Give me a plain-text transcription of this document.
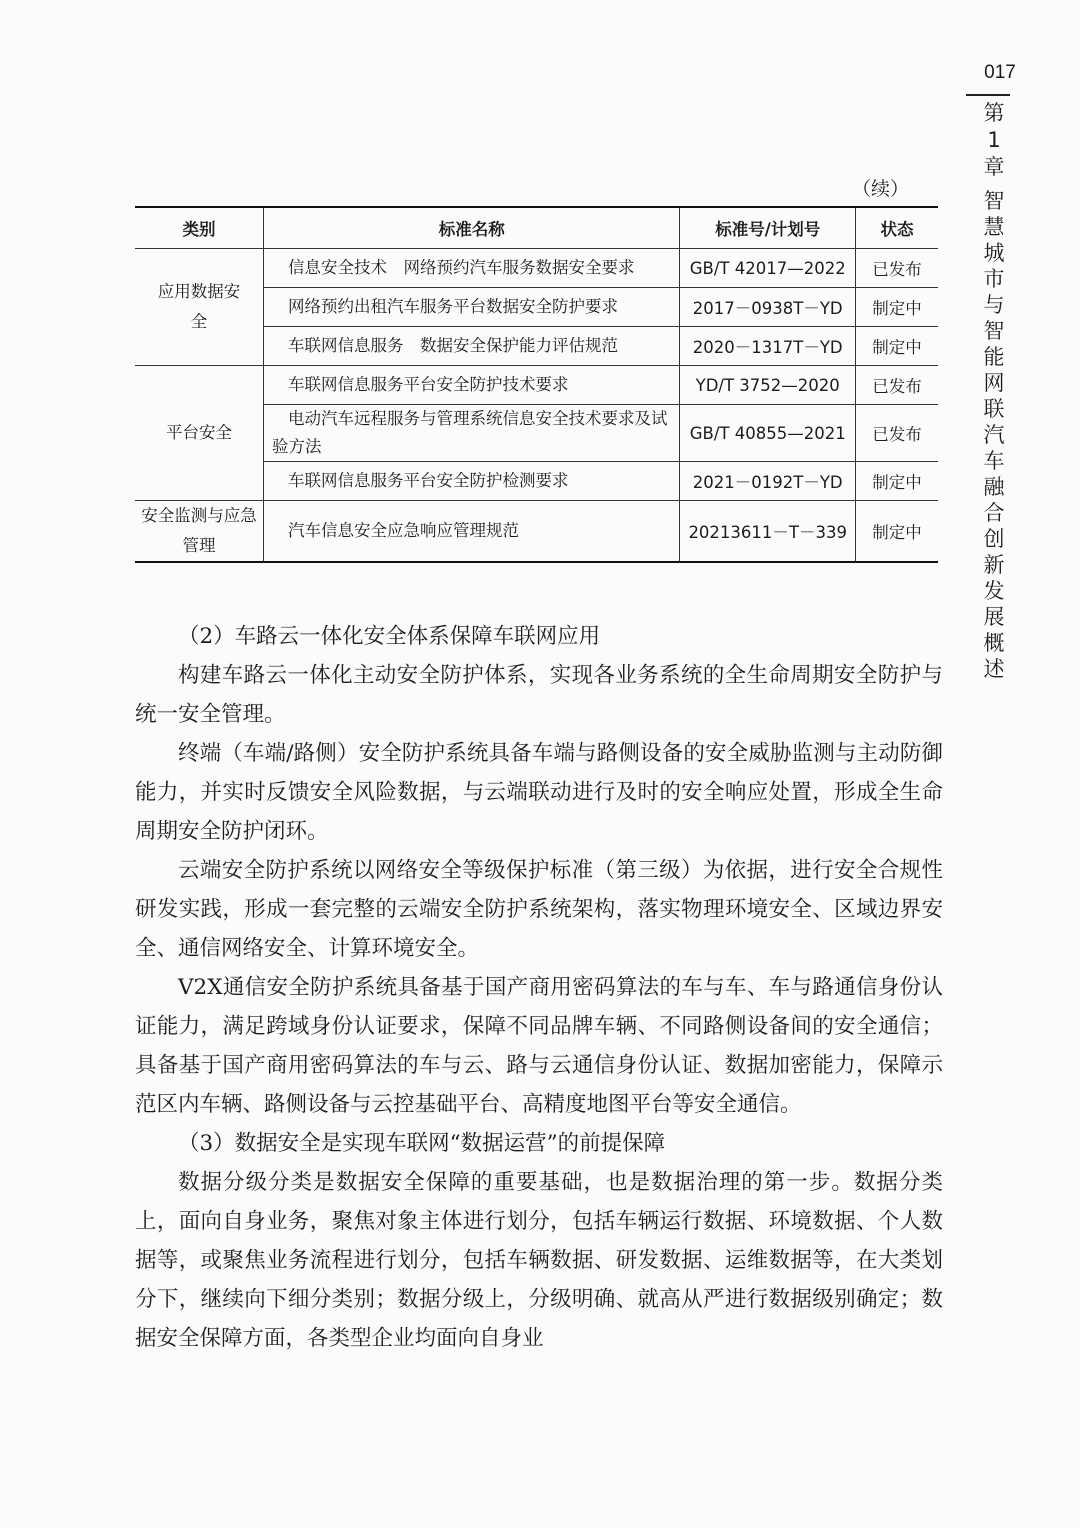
017
第1章
智慧城市与智能网联汽车融合创新发展概述
（续）
类别	标准名称	标准号/计划号	状态
应用数据安全	信息安全技术　网络预约汽车服务数据安全要求	GB/T 42017—2022	已发布
	网络预约出租汽车服务平台数据安全防护要求	2017－0938T－YD	制定中
	车联网信息服务　数据安全保护能力评估规范	2020－1317T－YD	制定中
平台安全	车联网信息服务平台安全防护技术要求	YD/T 3752—2020	已发布
	电动汽车远程服务与管理系统信息安全技术要求及试验方法	GB/T 40855—2021	已发布
	车联网信息服务平台安全防护检测要求	2021－0192T－YD	制定中
安全监测与应急管理	汽车信息安全应急响应管理规范	20213611－T－339	制定中

（2）车路云一体化安全体系保障车联网应用

构建车路云一体化主动安全防护体系，实现各业务系统的全生命周期安全防护与统一安全管理。

终端（车端/路侧）安全防护系统具备车端与路侧设备的安全威胁监测与主动防御能力，并实时反馈安全风险数据，与云端联动进行及时的安全响应处置，形成全生命周期安全防护闭环。

云端安全防护系统以网络安全等级保护标准（第三级）为依据，进行安全合规性研发实践，形成一套完整的云端安全防护系统架构，落实物理环境安全、区域边界安全、通信网络安全、计算环境安全。

V2X通信安全防护系统具备基于国产商用密码算法的车与车、车与路通信身份认证能力，满足跨域身份认证要求，保障不同品牌车辆、不同路侧设备间的安全通信；具备基于国产商用密码算法的车与云、路与云通信身份认证、数据加密能力，保障示范区内车辆、路侧设备与云控基础平台、高精度地图平台等安全通信。

（3）数据安全是实现车联网“数据运营”的前提保障

数据分级分类是数据安全保障的重要基础，也是数据治理的第一步。数据分类上，面向自身业务，聚焦对象主体进行划分，包括车辆运行数据、环境数据、个人数据等，或聚焦业务流程进行划分，包括车辆数据、研发数据、运维数据等，在大类划分下，继续向下细分类别；数据分级上，分级明确、就高从严进行数据级别确定；数据安全保障方面，各类型企业均面向自身业
